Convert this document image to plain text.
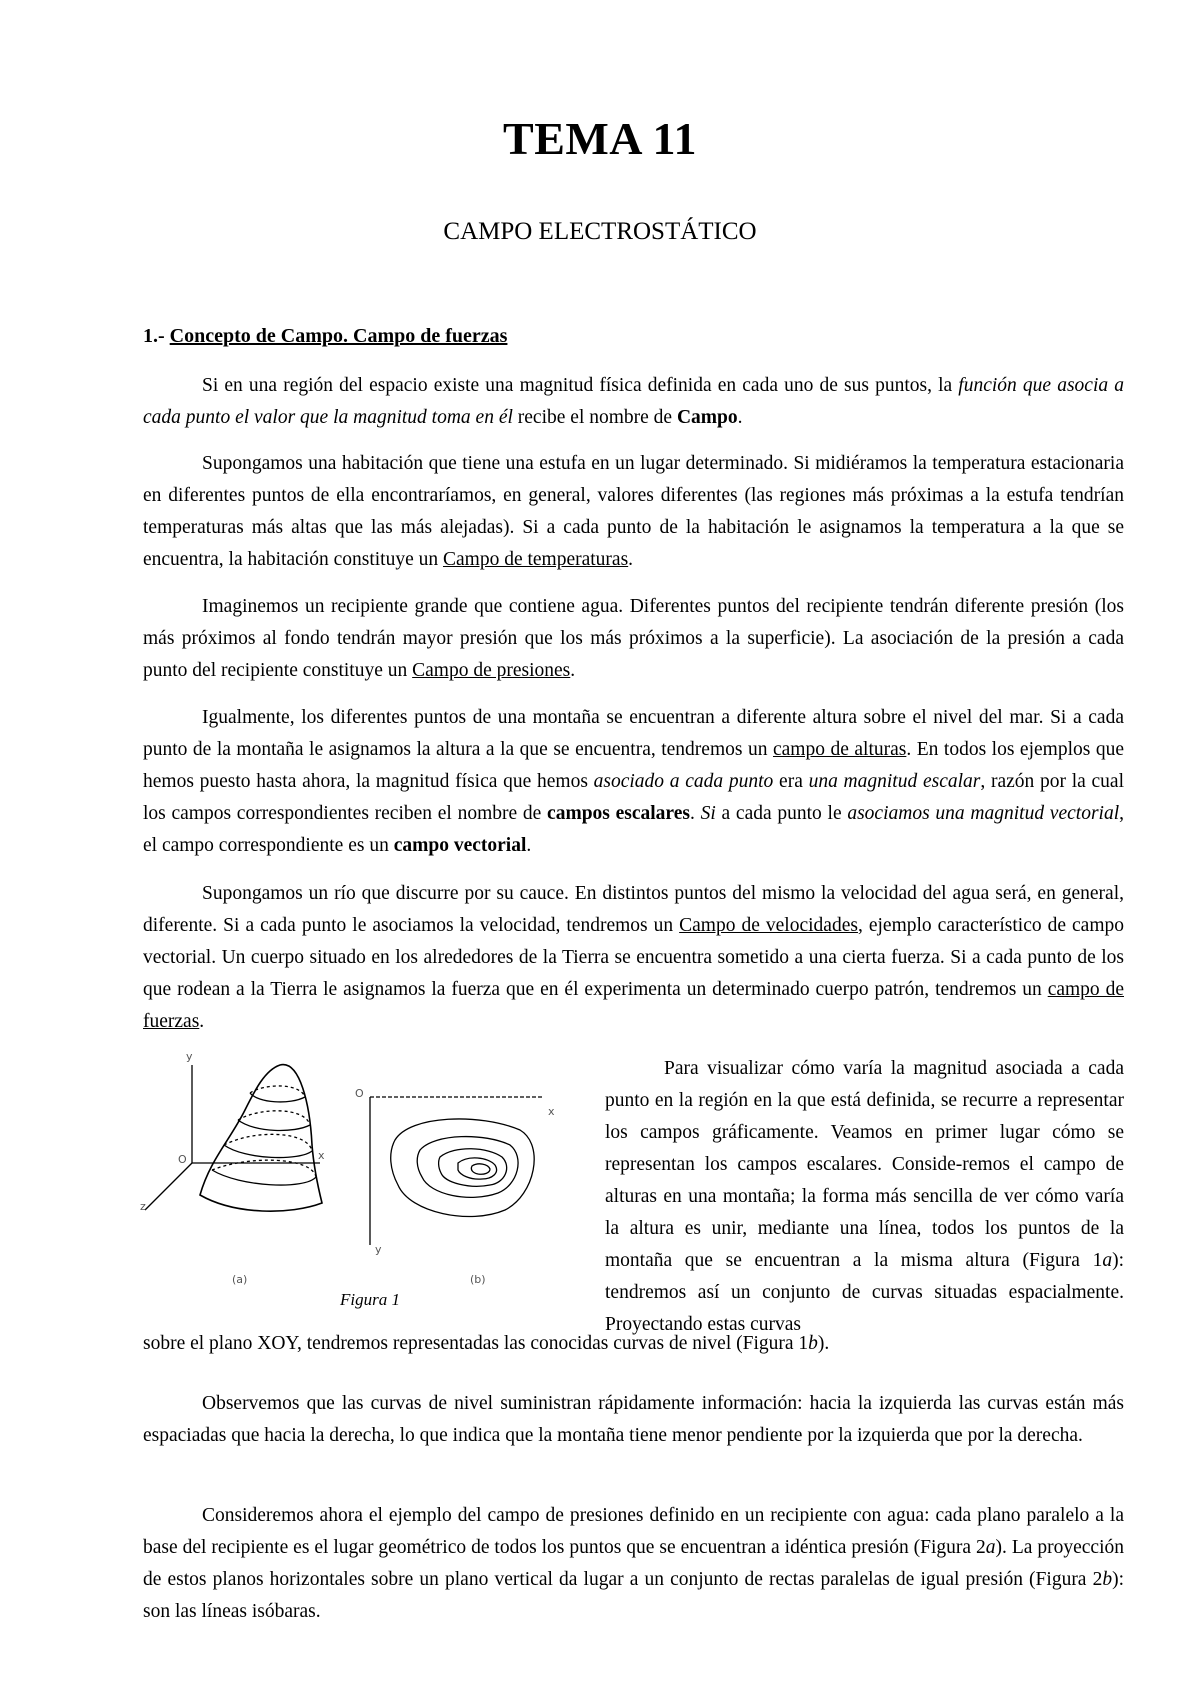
TEMA 11
CAMPO ELECTROSTÁTICO
1.- Concepto de Campo. Campo de fuerzas

Si en una región del espacio existe una magnitud física definida en cada uno de sus puntos, la función que asocia a cada punto el valor que la magnitud toma en él recibe el nombre de Campo.

Supongamos una habitación que tiene una estufa en un lugar determinado. Si midiéramos la temperatura estacionaria en diferentes puntos de ella encontraríamos, en general, valores diferentes (las regiones más próximas a la estufa tendrían temperaturas más altas que las más alejadas). Si a cada punto de la habitación le asignamos la temperatura a la que se encuentra, la habitación constituye un Campo de temperaturas.

Imaginemos un recipiente grande que contiene agua. Diferentes puntos del recipiente tendrán diferente presión (los más próximos al fondo tendrán mayor presión que los más próximos a la superficie). La asociación de la presión a cada punto del recipiente constituye un Campo de presiones.

Igualmente, los diferentes puntos de una montaña se encuentran a diferente altura sobre el nivel del mar. Si a cada punto de la montaña le asignamos la altura a la que se encuentra, tendremos un campo de alturas. En todos los ejemplos que hemos puesto hasta ahora, la magnitud física que hemos asociado a cada punto era una magnitud escalar, razón por la cual los campos correspondientes reciben el nombre de campos escalares. Si a cada punto le asociamos una magnitud vectorial, el campo correspondiente es un campo vectorial.

Supongamos un río que discurre por su cauce. En distintos puntos del mismo la velocidad del agua será, en general, diferente. Si a cada punto le asociamos la velocidad, tendremos un Campo de velocidades, ejemplo característico de campo vectorial. Un cuerpo situado en los alrededores de la Tierra se encuentra sometido a una cierta fuerza. Si a cada punto de los que rodean a la Tierra le asignamos la fuerza que en él experimenta un determinado cuerpo patrón, tendremos un campo de fuerzas.

y
x
O
z
O
x
y
(a)	(b)
Figura 1

Para visualizar cómo varía la magnitud asociada a cada punto en la región en la que está definida, se recurre a representar los campos gráficamente. Veamos en primer lugar cómo se representan los campos escalares. Conside-remos el campo de alturas en una montaña; la forma más sencilla de ver cómo varía la altura es unir, mediante una línea, todos los puntos de la montaña que se encuentran a la misma altura (Figura 1a): tendremos así un conjunto de curvas situadas espacialmente. Proyectando estas curvas

sobre el plano XOY, tendremos representadas las conocidas curvas de nivel (Figura 1b).

Observemos que las curvas de nivel suministran rápidamente información: hacia la izquierda las curvas están más espaciadas que hacia la derecha, lo que indica que la montaña tiene menor pendiente por la izquierda que por la derecha.

Consideremos ahora el ejemplo del campo de presiones definido en un recipiente con agua: cada plano paralelo a la base del recipiente es el lugar geométrico de todos los puntos que se encuentran a idéntica presión (Figura 2a). La proyección de estos planos horizontales sobre un plano vertical da lugar a un conjunto de rectas paralelas de igual presión (Figura 2b): son las líneas isóbaras.
